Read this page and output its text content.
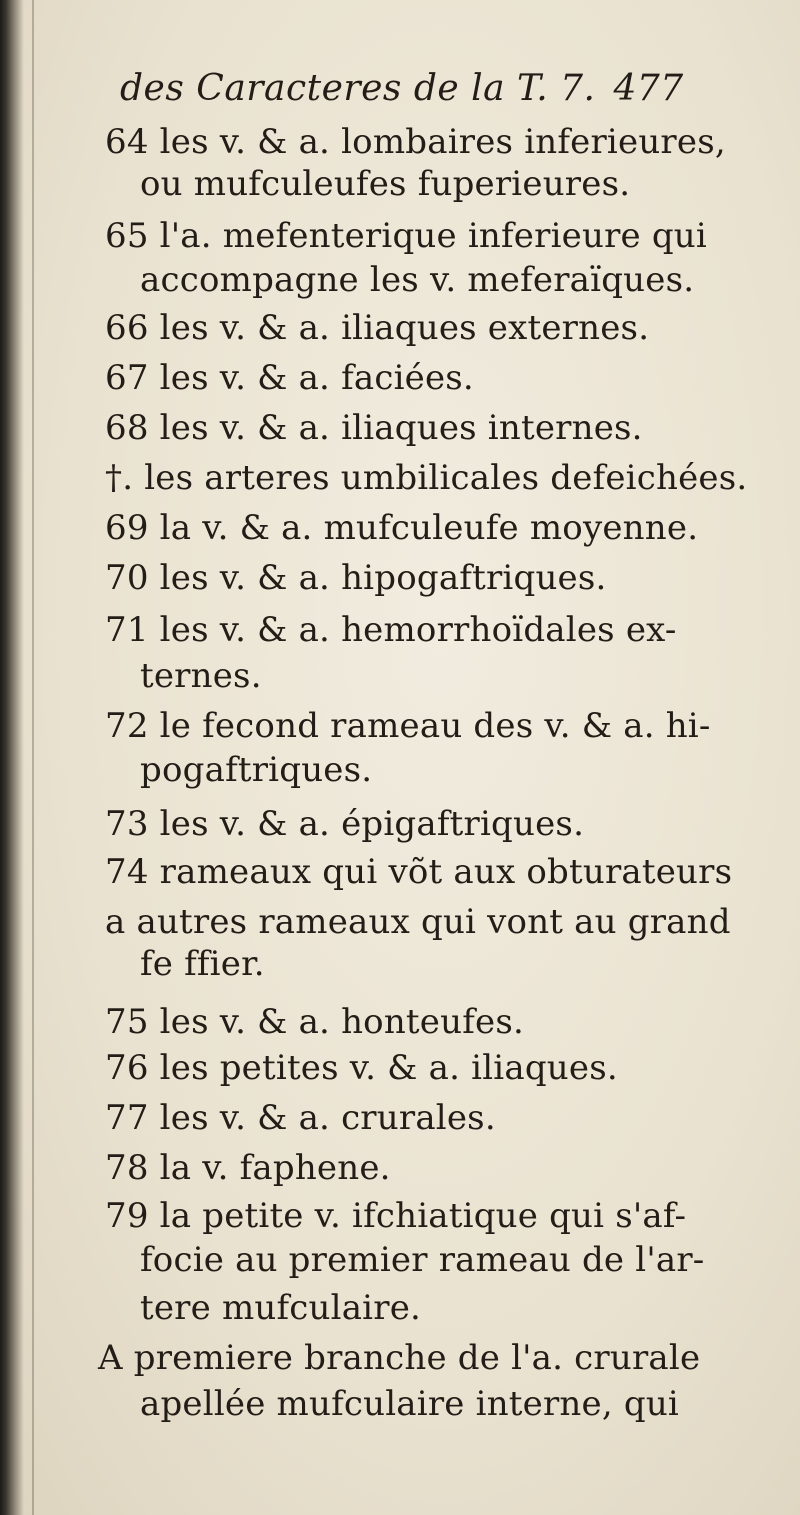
des Caracteres de la T. 7. 477
64 les v. & a. lombaires inferieures,
ou mufculeufes fuperieures.
65 l'a. mefenterique inferieure qui
accompagne les v. meferaïques.
66 les v. & a. iliaques externes.
67 les v. & a. faciées.
68 les v. & a. iliaques internes.
†. les arteres umbilicales defeichées.
69 la v. & a. mufculeufe moyenne.
70 les v. & a. hipogaftriques.
71 les v. & a. hemorrhoïdales ex-
ternes.
72 le fecond rameau des v. & a. hi-
pogaftriques.
73 les v. & a. épigaftriques.
74 rameaux qui võt aux obturateurs
a autres rameaux qui vont au grand
fe ffier.
75 les v. & a. honteufes.
76 les petites v. & a. iliaques.
77 les v. & a. crurales.
78 la v. faphene.
79 la petite v. ifchiatique qui s'af-
focie au premier rameau de l'ar-
tere mufculaire.
A premiere branche de l'a. crurale
apellée mufculaire interne, qui
